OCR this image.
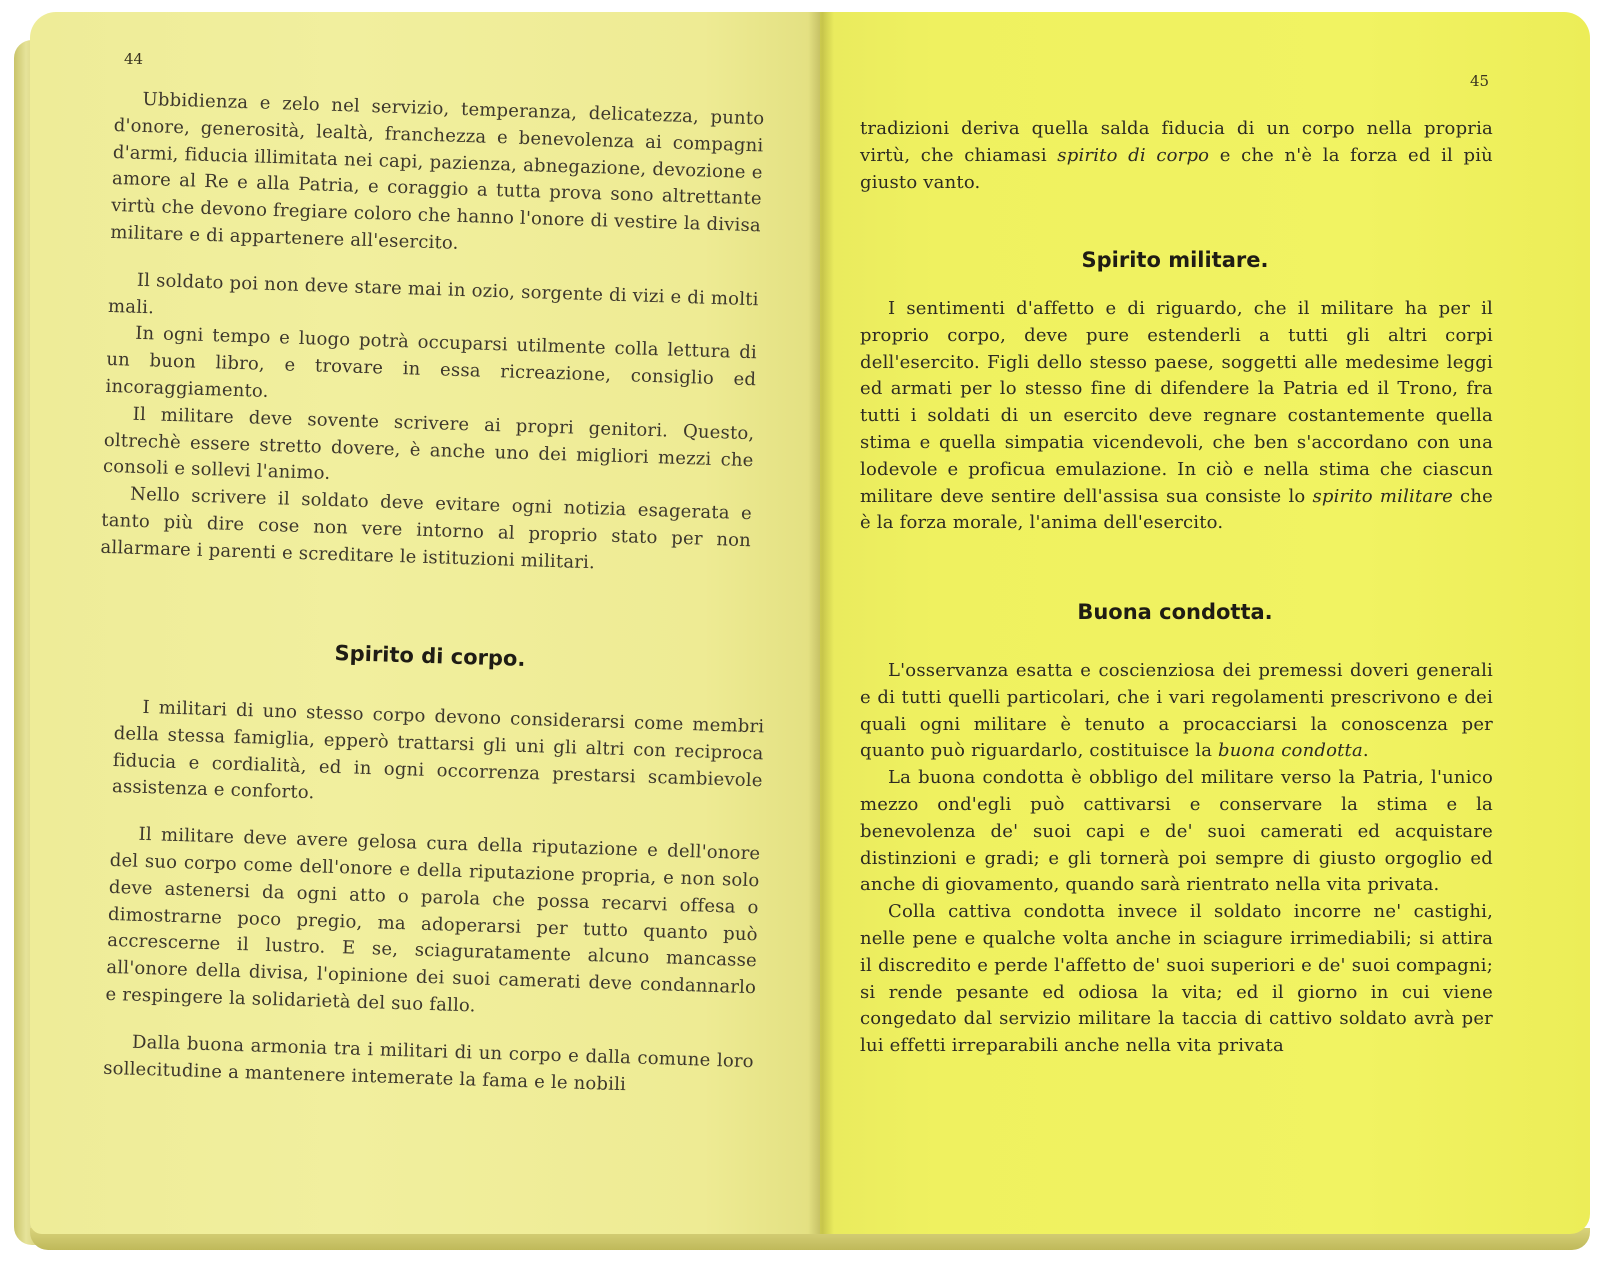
44

Ubbidienza e zelo nel servizio, temperanza, delicatezza, punto d'onore, generosità, lealtà, franchezza e benevolenza ai compagni d'armi, fiducia illimitata nei capi, pazienza, abnegazione, devozione e amore al Re e alla Patria, e coraggio a tutta prova sono altrettante virtù che devono fregiare coloro che hanno l'onore di vestire la divisa militare e di appartenere all'esercito.

Il soldato poi non deve stare mai in ozio, sorgente di vizi e di molti mali.

In ogni tempo e luogo potrà occuparsi utilmente colla lettura di un buon libro, e trovare in essa ricreazione, consiglio ed incoraggiamento.

Il militare deve sovente scrivere ai propri genitori. Questo, oltrechè essere stretto dovere, è anche uno dei migliori mezzi che consoli e sollevi l'animo.

Nello scrivere il soldato deve evitare ogni notizia esagerata e tanto più dire cose non vere intorno al proprio stato per non allarmare i parenti e screditare le istituzioni militari.

Spirito di corpo.

I militari di uno stesso corpo devono considerarsi come membri della stessa famiglia, epperò trattarsi gli uni gli altri con reciproca fiducia e cordialità, ed in ogni occorrenza prestarsi scambievole assistenza e conforto.

Il militare deve avere gelosa cura della riputazione e dell'onore del suo corpo come dell'onore e della riputazione propria, e non solo deve astenersi da ogni atto o parola che possa recarvi offesa o dimostrarne poco pregio, ma adoperarsi per tutto quanto può accrescerne il lustro. E se, sciaguratamente alcuno mancasse all'onore della divisa, l'opinione dei suoi camerati deve condannarlo e respingere la solidarietà del suo fallo.

Dalla buona armonia tra i militari di un corpo e dalla comune loro sollecitudine a mantenere intemerate la fama e le nobili

45

tradizioni deriva quella salda fiducia di un corpo nella propria virtù, che chiamasi spirito di corpo e che n'è la forza ed il più giusto vanto.

Spirito militare.

I sentimenti d'affetto e di riguardo, che il militare ha per il proprio corpo, deve pure estenderli a tutti gli altri corpi dell'esercito. Figli dello stesso paese, soggetti alle medesime leggi ed armati per lo stesso fine di difendere la Patria ed il Trono, fra tutti i soldati di un esercito deve regnare costantemente quella stima e quella simpatia vicendevoli, che ben s'accordano con una lodevole e proficua emulazione. In ciò e nella stima che ciascun militare deve sentire dell'assisa sua consiste lo spirito militare che è la forza morale, l'anima dell'esercito.

Buona condotta.

L'osservanza esatta e coscienziosa dei premessi doveri generali e di tutti quelli particolari, che i vari regolamenti prescrivono e dei quali ogni militare è tenuto a procacciarsi la conoscenza per quanto può riguardarlo, costituisce la buona condotta.

La buona condotta è obbligo del militare verso la Patria, l'unico mezzo ond'egli può cattivarsi e conservare la stima e la benevolenza de' suoi capi e de' suoi camerati ed acquistare distinzioni e gradi; e gli tornerà poi sempre di giusto orgoglio ed anche di giovamento, quando sarà rientrato nella vita privata.

Colla cattiva condotta invece il soldato incorre ne' castighi, nelle pene e qualche volta anche in sciagure irrimediabili; si attira il discredito e perde l'affetto de' suoi superiori e de' suoi compagni; si rende pesante ed odiosa la vita; ed il giorno in cui viene congedato dal servizio militare la taccia di cattivo soldato avrà per lui effetti irreparabili anche nella vita privata
